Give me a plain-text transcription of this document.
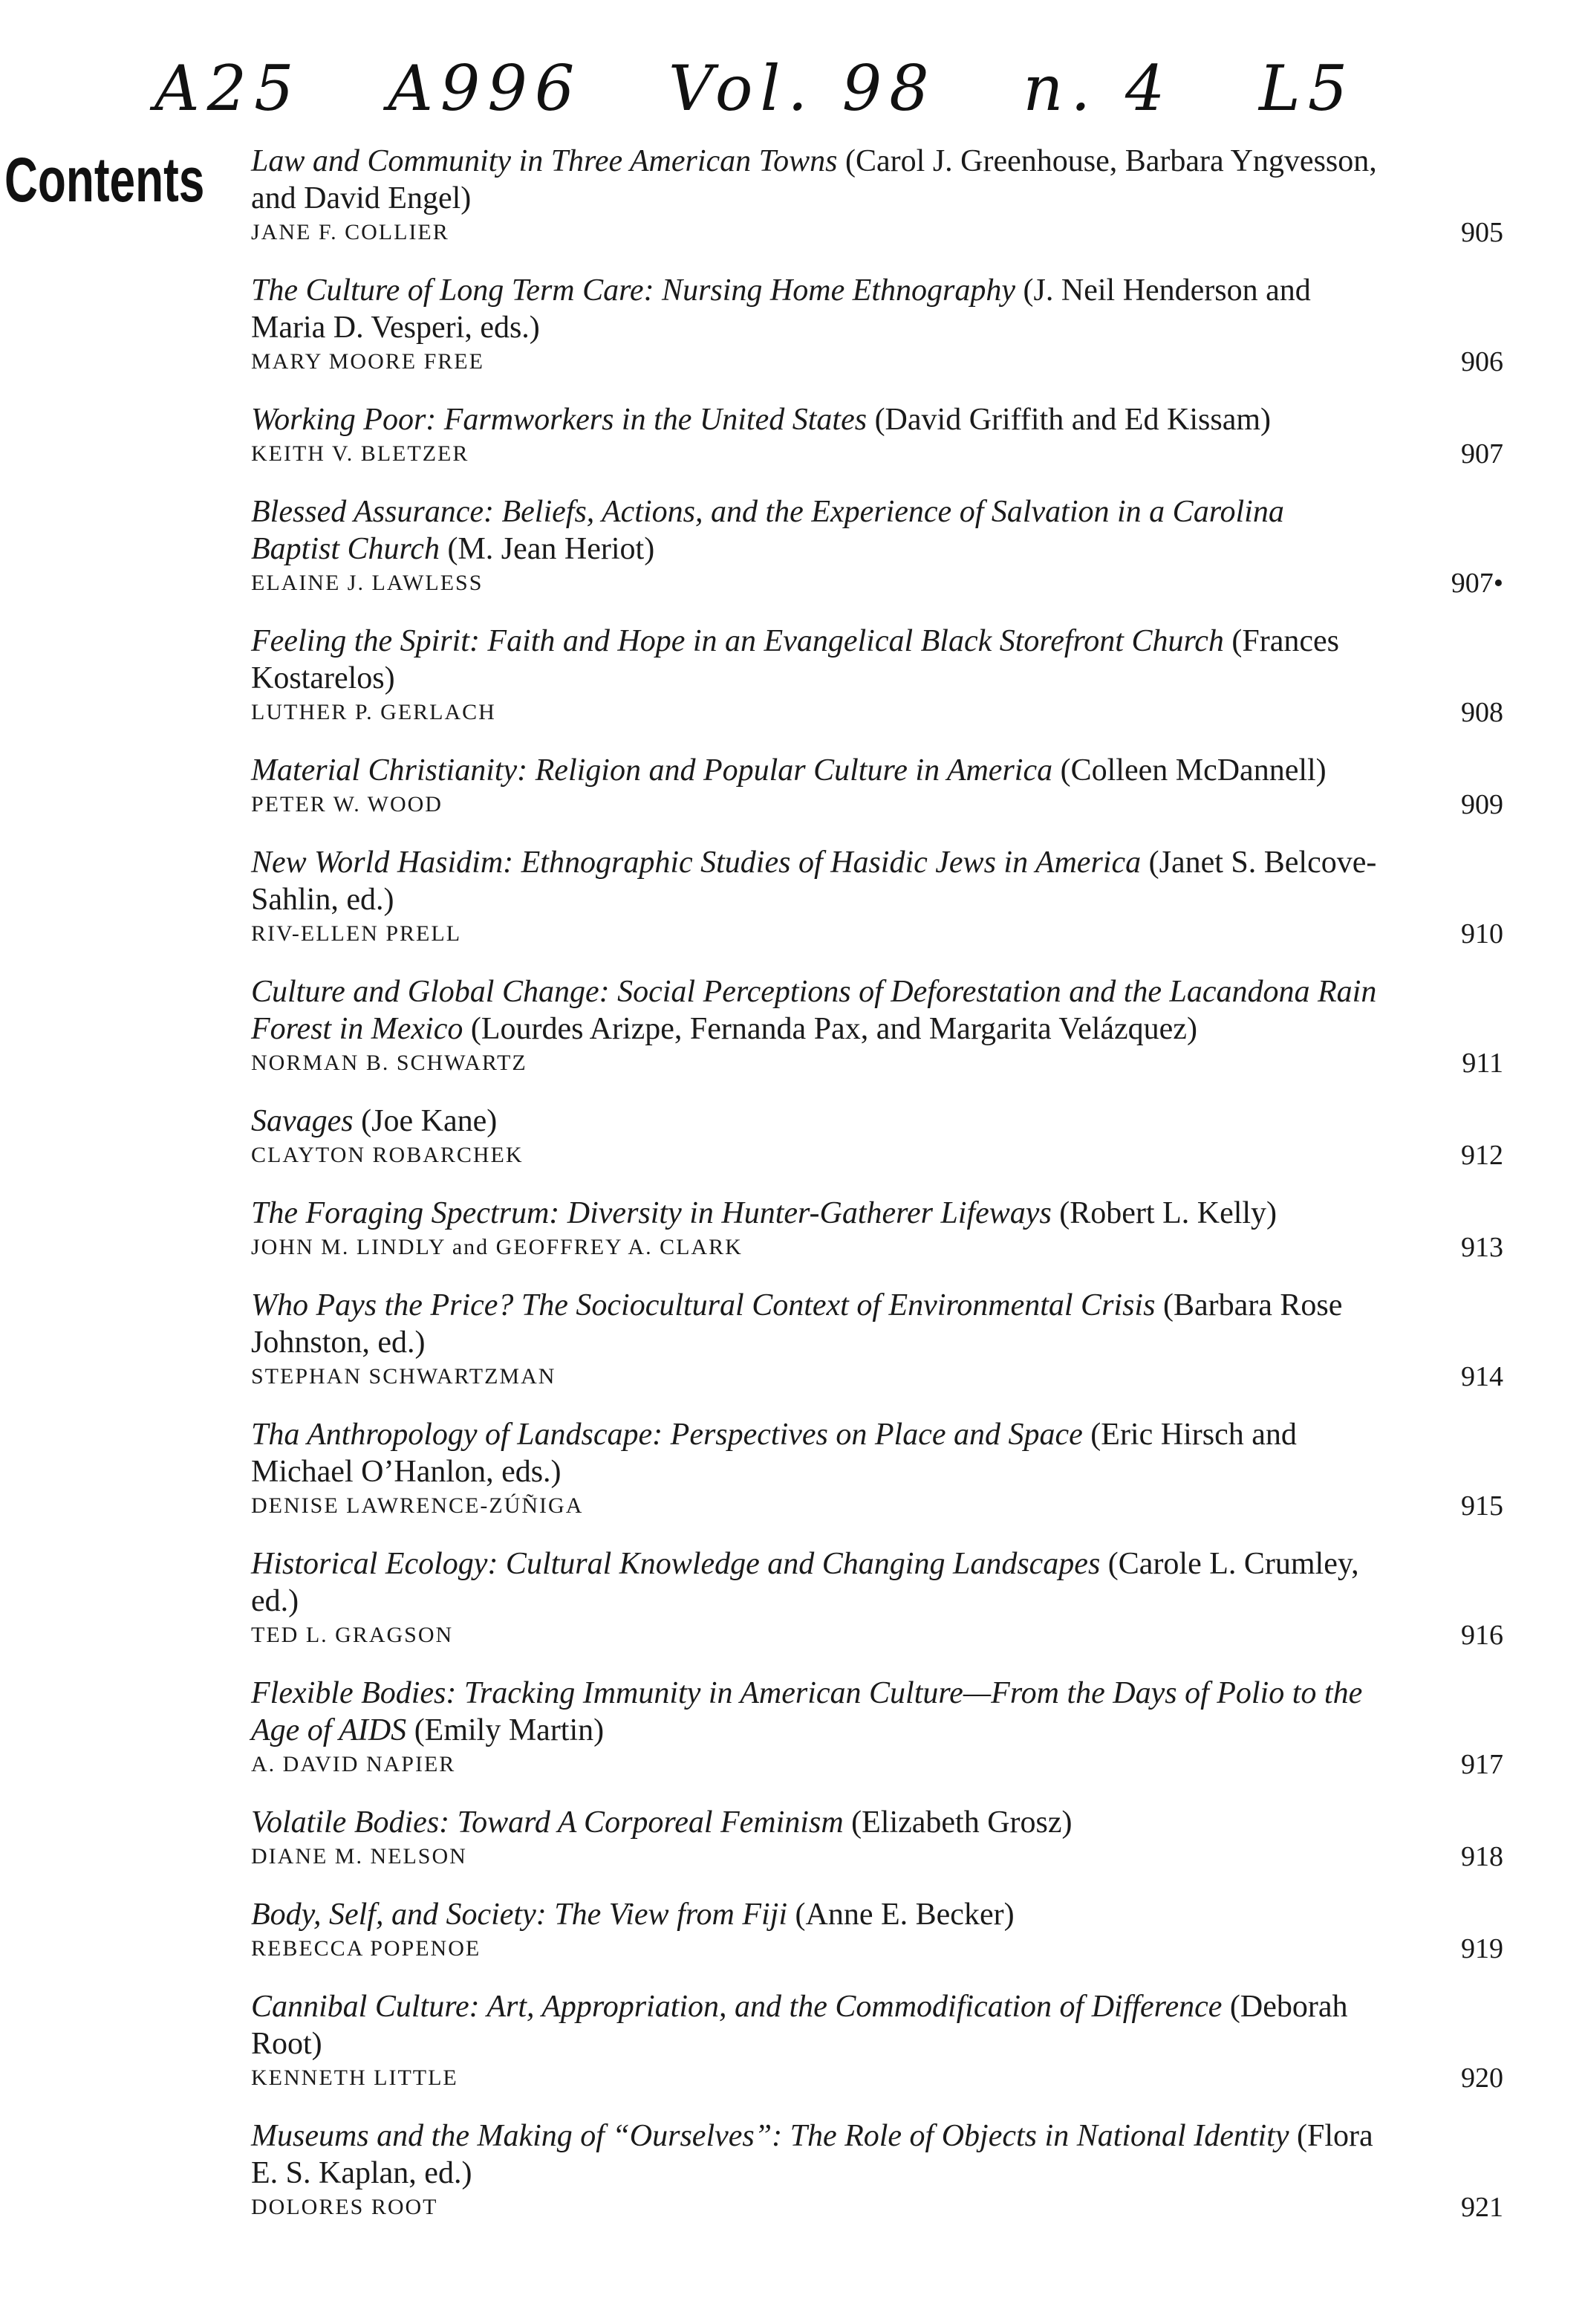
A25 A996 Vol. 98 n. 4 L5
Contents Law and Community in Three American Towns (Carol J. Greenhouse, Barbara Yngvesson, and David Engel)
JANE F. COLLIER	905
The Culture of Long Term Care: Nursing Home Ethnography (J. Neil Henderson and Maria D. Vesperi, eds.)
MARY MOORE FREE	906
Working Poor: Farmworkers in the United States (David Griffith and Ed Kissam)
KEITH V. BLETZER	907
Blessed Assurance: Beliefs, Actions, and the Experience of Salvation in a Carolina Baptist Church (M. Jean Heriot)
ELAINE J. LAWLESS	907•
Feeling the Spirit: Faith and Hope in an Evangelical Black Storefront Church (Frances Kostarelos)
LUTHER P. GERLACH	908
Material Christianity: Religion and Popular Culture in America (Colleen McDannell)
PETER W. WOOD	909
New World Hasidim: Ethnographic Studies of Hasidic Jews in America (Janet S. Belcove-Sahlin, ed.)
RIV-ELLEN PRELL	910
Culture and Global Change: Social Perceptions of Deforestation and the Lacandona Rain Forest in Mexico (Lourdes Arizpe, Fernanda Pax, and Margarita Velázquez)
NORMAN B. SCHWARTZ	911
Savages (Joe Kane)
CLAYTON ROBARCHEK	912
The Foraging Spectrum: Diversity in Hunter-Gatherer Lifeways (Robert L. Kelly)
JOHN M. LINDLY and GEOFFREY A. CLARK	913
Who Pays the Price? The Sociocultural Context of Environmental Crisis (Barbara Rose Johnston, ed.)
STEPHAN SCHWARTZMAN	914
Tha Anthropology of Landscape: Perspectives on Place and Space (Eric Hirsch and Michael O’Hanlon, eds.)
DENISE LAWRENCE-ZÚÑIGA	915
Historical Ecology: Cultural Knowledge and Changing Landscapes (Carole L. Crumley, ed.)
TED L. GRAGSON	916
Flexible Bodies: Tracking Immunity in American Culture—From the Days of Polio to the Age of AIDS (Emily Martin)
A. DAVID NAPIER	917
Volatile Bodies: Toward A Corporeal Feminism (Elizabeth Grosz)
DIANE M. NELSON	918
Body, Self, and Society: The View from Fiji (Anne E. Becker)
REBECCA POPENOE	919
Cannibal Culture: Art, Appropriation, and the Commodification of Difference (Deborah Root)
KENNETH LITTLE	920
Museums and the Making of “Ourselves”: The Role of Objects in National Identity (Flora E. S. Kaplan, ed.)
DOLORES ROOT	921
